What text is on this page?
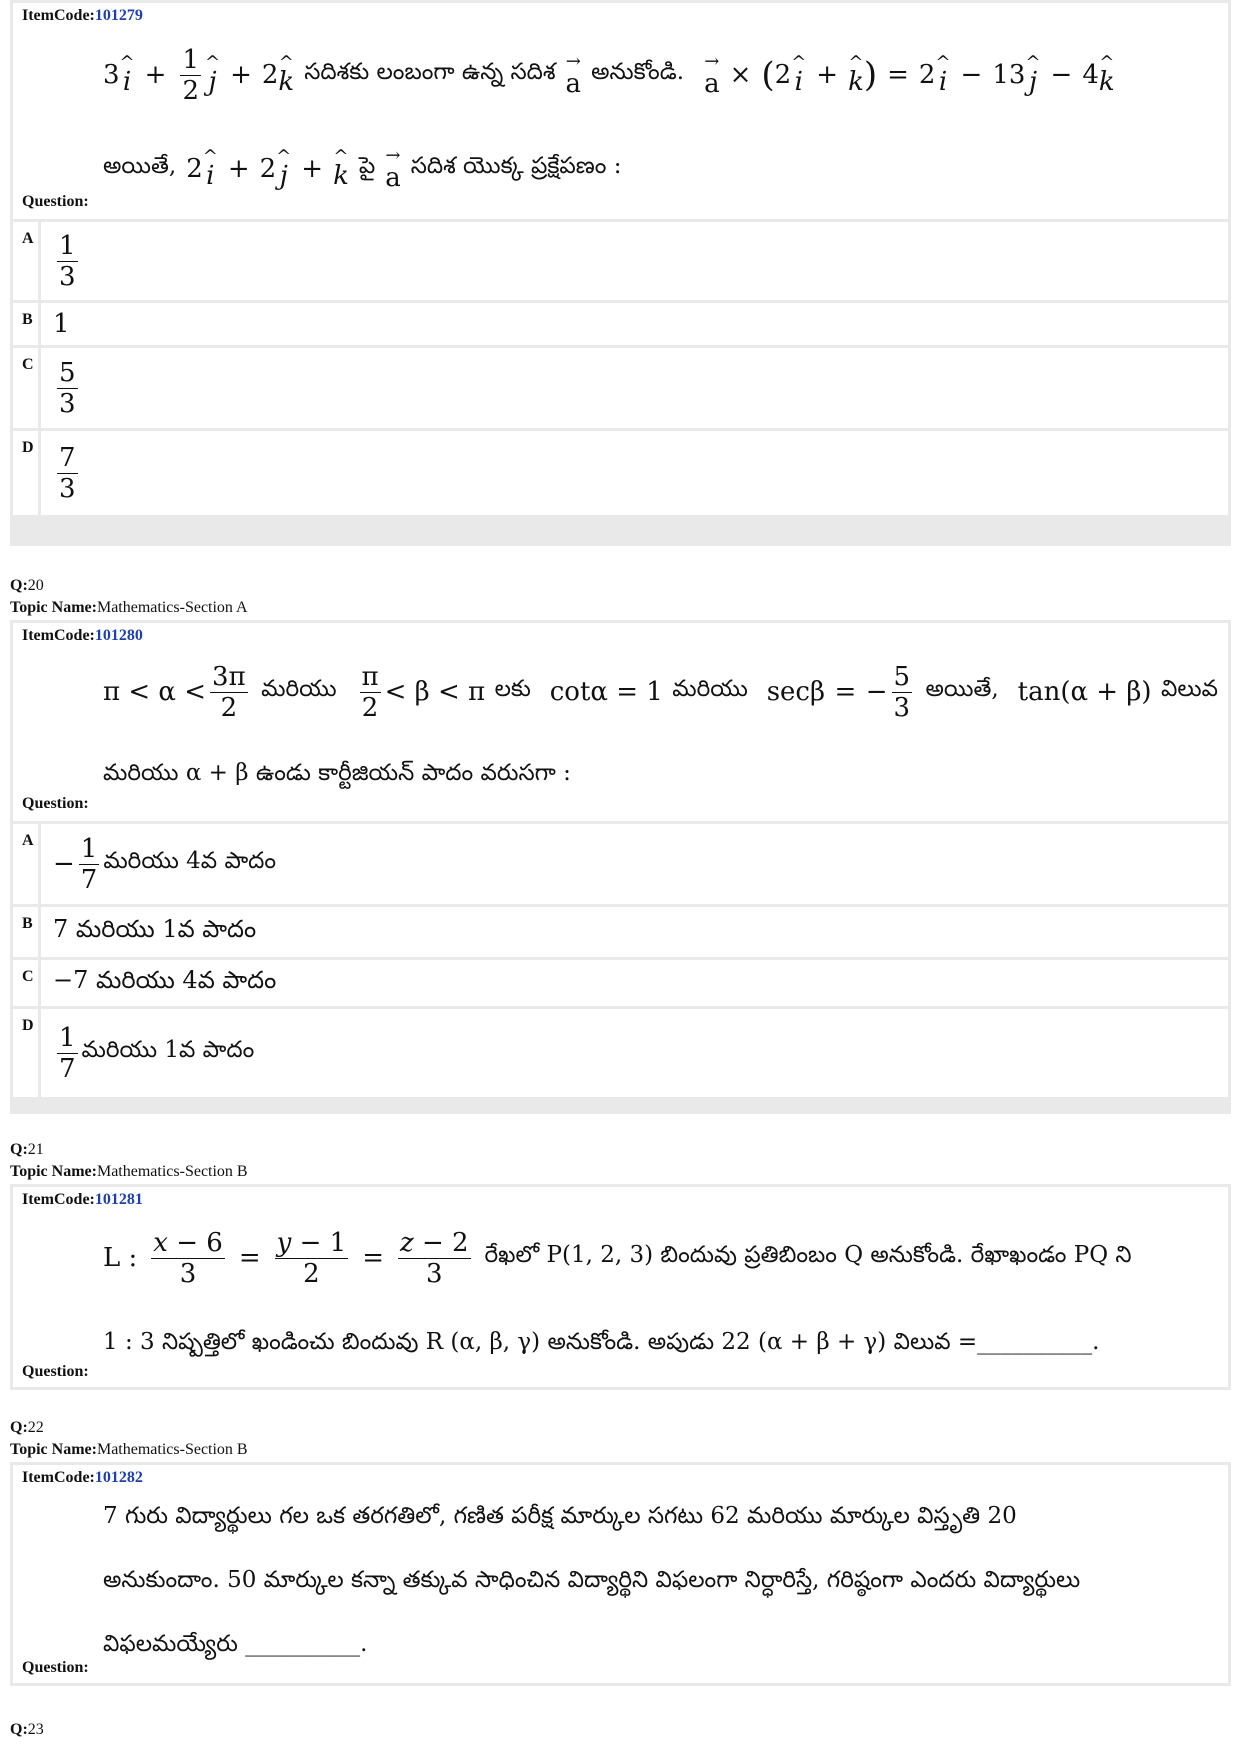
ItemCode:101279
3 ^
$i + \frac{1}{2}$ ^
j + 2 ^
k సదిశకు లంబంగా ఉన్న సదిశ →
a అనుకోండి. →
a × ( 2 ^
i + ^
k ) = 2 ^
i − 13 ^
j − 4 ^
k
అయితే, 2 ^
i + 2 ^
j + ^
k పై →
a సదిశ యొక్క ప్రక్షేపణం :
Question:
A $\frac{1}{3}$
B 1
C $\frac{5}{3}$
D $\frac{7}{3}$
Q:20
Topic Name:Mathematics-Section A
ItemCode:101280
$\pi < \alpha < \frac{3\pi}{2}$ మరియు $\frac{\pi}{2} < \beta < \pi$ లకు cotα = 1 మరియు secβ = − $\frac{5}{3}$ అయితే, tan(α + β) విలువ
మరియు α + β ఉండు కార్టీజియన్ పాదం వరుసగా :
Question:
A
− $\frac{1}{7}$ మరియు 4వ పాదం
B 7 మరియు 1వ పాదం
C −7 మరియు 4వ పాదం
D $\frac{1}{7}$ మరియు 1వ పాదం
Q:21
Topic Name:Mathematics-Section B
ItemCode:101281
L : $\frac{x - 6}{3} = \frac{y - 1}{2} = \frac{z - 2}{3}$ రేఖలో P(1, 2, 3) బిందువు ప్రతిబింబం Q అనుకోండి. రేఖాఖండం PQ ని
1 : 3 నిష్పత్తిలో ఖండించు బిందువు R (α, β, γ) అనుకోండి. అపుడు 22 (α + β + γ) విలువ =__________.
Question:
Q:22
Topic Name:Mathematics-Section B
ItemCode:101282
7 గురు విద్యార్థులు గల ఒక తరగతిలో, గణిత పరీక్ష మార్కుల సగటు 62 మరియు మార్కుల విస్తృతి 20
అనుకుందాం. 50 మార్కుల కన్నా తక్కువ సాధించిన విద్యార్థిని విఫలంగా నిర్ధారిస్తే, గరిష్ఠంగా ఎందరు విద్యార్థులు
విఫలమయ్యేరు __________.
Question:
Q:23
